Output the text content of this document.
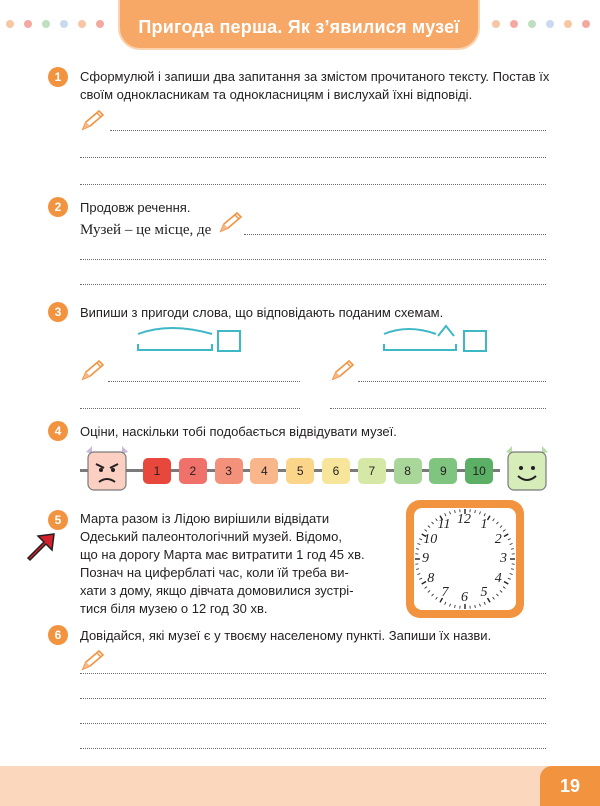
Пригода перша. Як з’явилися музеї
1	Сформулюй і запиши два запитання за змістом прочитаного тексту. Постав їх
своїм однокласникам та однокласницям і вислухай їхні відповіді.
2	Продовж речення.
Музей – це місце, де
3	Випиши з пригоди слова, що відповідають поданим схемам.
4	Оціни, наскільки тобі подобається відвідувати музеї.
1	2	3	4	5	6	7	8	9	10
5	Марта разом із Лідою вирішили відвідати
Одеський палеонтологічний музей. Відомо,
що на дорогу Марта має витратити 1 год 45 хв.
Познач на циферблаті час, коли їй треба ви-
хати з дому, якщо дівчата домовилися зустрі-
тися біля музею о 12 год 30 хв.
12 1
2
3
4
5
6
7
8
9
10
11
6	Довідайся, які музеї є у твоєму населеному пункті. Запиши їх назви.
19
